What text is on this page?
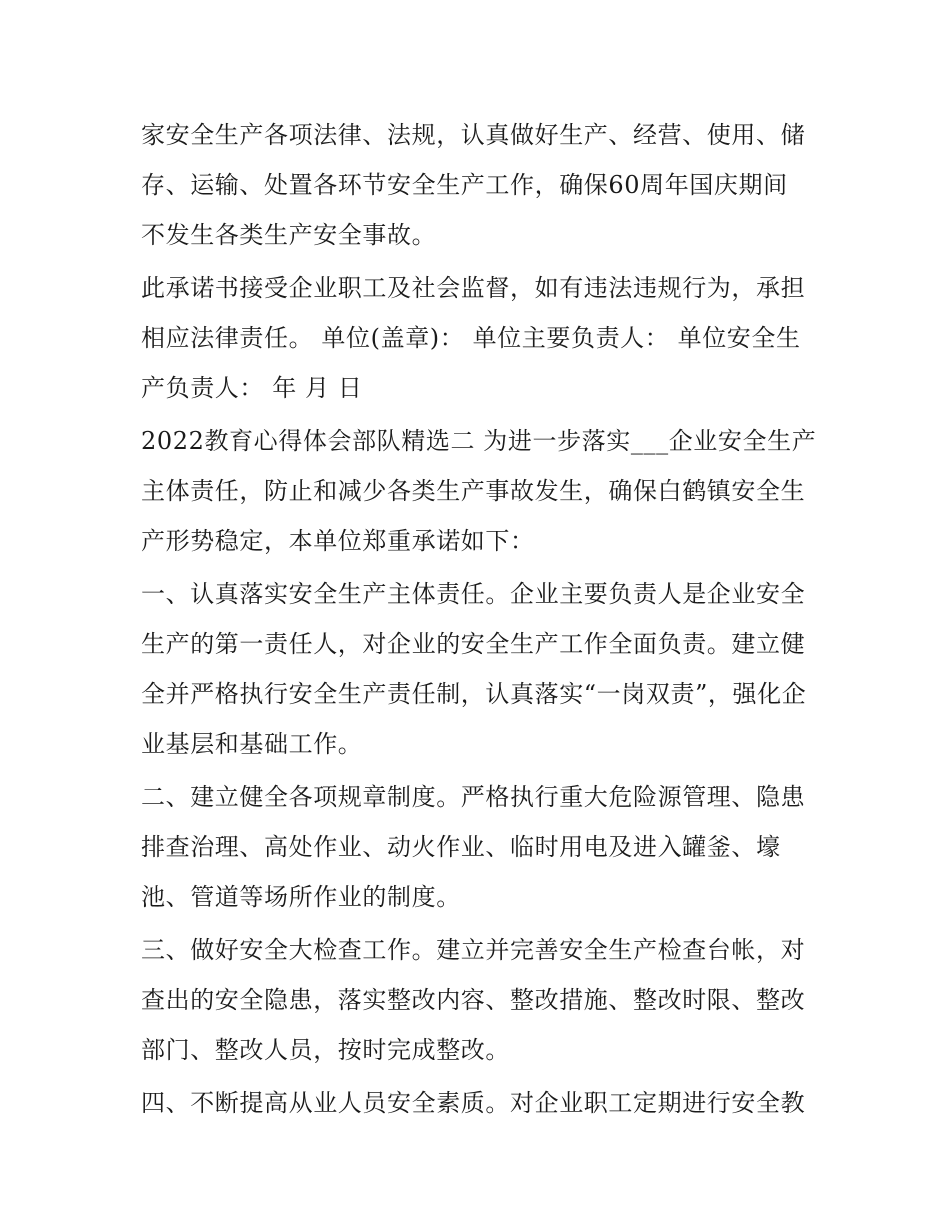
家安全生产各项法律、法规，认真做好生产、经营、使用、储
存、运输、处置各环节安全生产工作，确保60周年国庆期间
不发生各类生产安全事故。
此承诺书接受企业职工及社会监督，如有违法违规行为，承担
相应法律责任。 单位(盖章)： 单位主要负责人： 单位安全生
产负责人： 年 月 日
2022教育心得体会部队精选二 为进一步落实___企业安全生产
主体责任，防止和减少各类生产事故发生，确保白鹤镇安全生
产形势稳定，本单位郑重承诺如下：
一、认真落实安全生产主体责任。企业主要负责人是企业安全
生产的第一责任人，对企业的安全生产工作全面负责。建立健
全并严格执行安全生产责任制，认真落实“一岗双责”，强化企
业基层和基础工作。
二、建立健全各项规章制度。严格执行重大危险源管理、隐患
排查治理、高处作业、动火作业、临时用电及进入罐釜、壕
池、管道等场所作业的制度。
三、做好安全大检查工作。建立并完善安全生产检查台帐，对
查出的安全隐患，落实整改内容、整改措施、整改时限、整改
部门、整改人员，按时完成整改。
四、不断提高从业人员安全素质。对企业职工定期进行安全教
